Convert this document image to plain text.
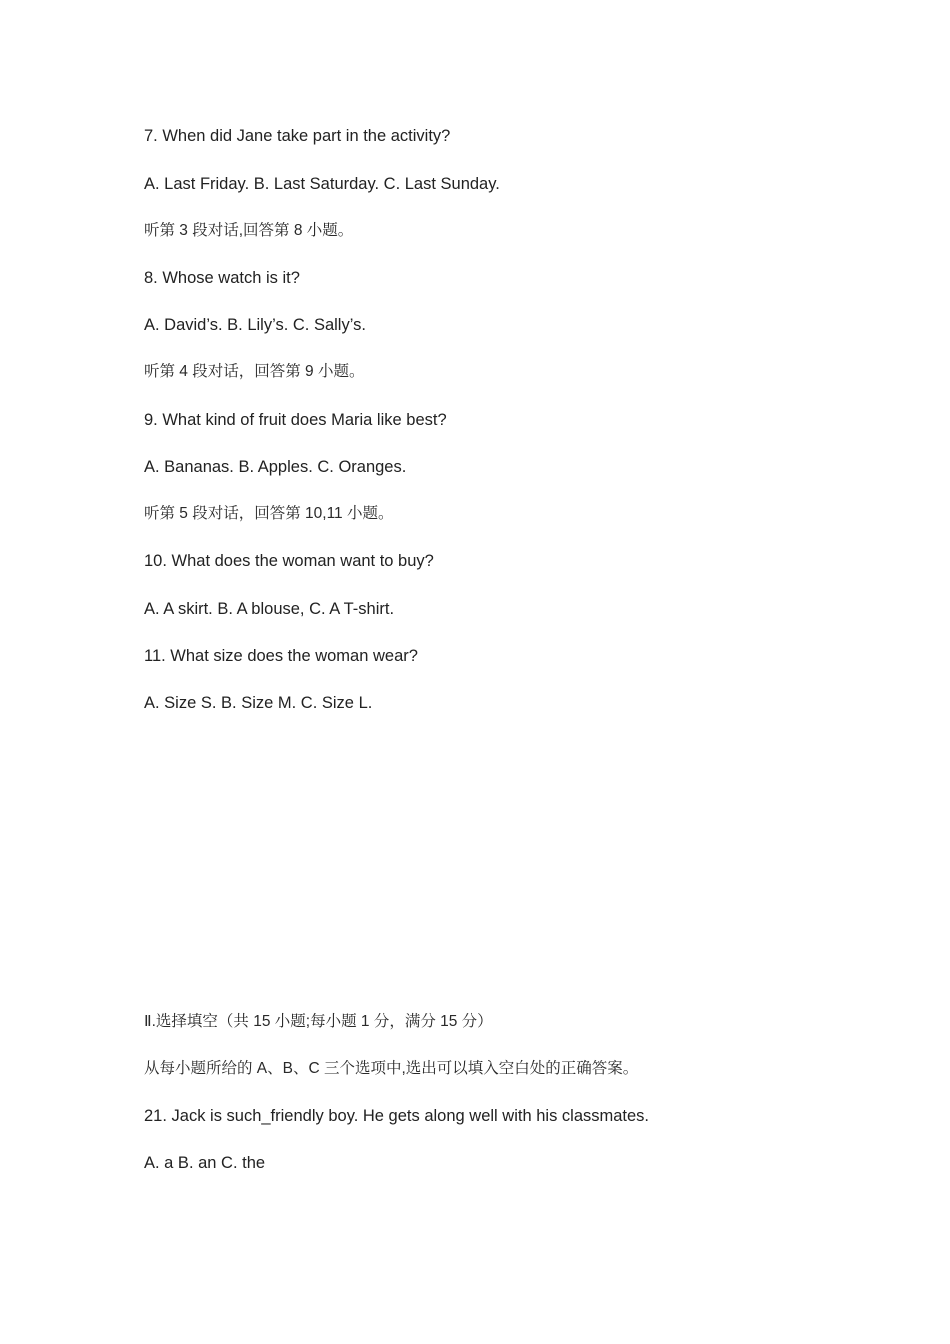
7. When did Jane take part in the activity?
A. Last Friday. B. Last Saturday. C. Last Sunday.
听第 3 段对话,回答第 8 小题。
8. Whose watch is it?
A. David’s. B. Lily’s. C. Sally’s.
听第 4 段对话，回答第 9 小题。
9. What kind of fruit does Maria like best?
A. Bananas. B. Apples. C. Oranges.
听第 5 段对话，回答第 10,11 小题。
10. What does the woman want to buy?
A. A skirt. B. A blouse, C. A T-shirt.
11. What size does the woman wear?
A. Size S. B. Size M. C. Size L.
Ⅱ.选择填空（共 15 小题;每小题 1 分，满分 15 分）
从每小题所给的 A、B、C 三个选项中,选出可以填入空白处的正确答案。
21. Jack is such_friendly boy. He gets along well with his classmates.
A. a B. an C. the
